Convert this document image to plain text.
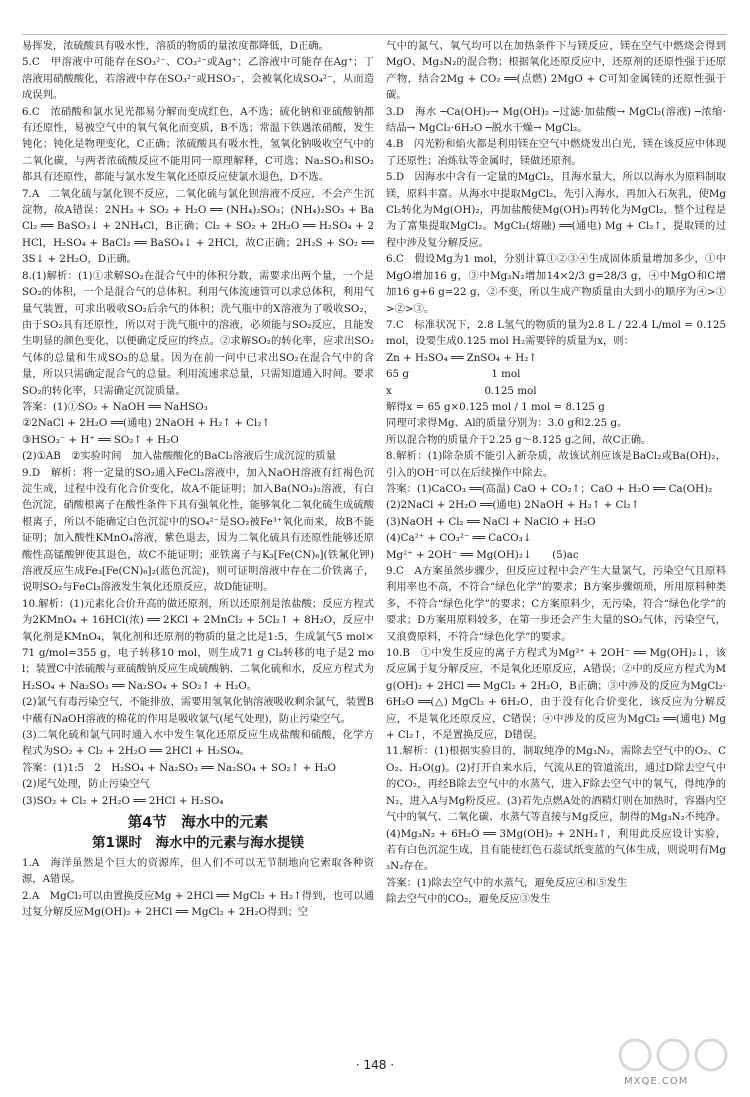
易挥发，浓硫酸具有吸水性，溶质的物质的量浓度都降低，D正确。

5.C　甲溶液中可能存在SO₃²⁻、CO₃²⁻或Ag⁺；乙溶液中可能存在Ag⁺；丁溶液用硝酸酸化，若溶液中存在SO₃²⁻或HSO₃⁻，会被氧化成SO₄²⁻，从而造成误判。

6.C　浓硝酸和氯水见光都易分解而变成红色，A不选；硫化钠和亚硫酸钠都有还原性，易被空气中的氧气氧化而变质，B不选；常温下铁遇浓硝酸，发生钝化；钝化是物理变化，C正确；浓硫酸具有吸水性，氢氧化钠吸收空气中的二氧化碳，与两者浓硫酸反应不能用同一原理解释，C可选；Na₂SO₃和SO₂都具有还原性，都能与氯水发生氧化还原反应使氯水退色，D不选。

7.A　二氧化硫与氯化钡不反应，二氧化硫与氯化钡溶液不反应，不会产生沉淀物，故A错误：2NH₃ + SO₂ + H₂O ══ (NH₄)₂SO₃；(NH₄)₂SO₃ + BaCl₂ ══ BaSO₃↓ + 2NH₄Cl，B正确；Cl₂ + SO₂ + 2H₂O ══ H₂SO₄ + 2HCl，H₂SO₄ + BaCl₂ ══ BaSO₄↓ + 2HCl，故C正确；2H₂S + SO₂ ══ 3S↓ + 2H₂O，D正确。

8.(1)解析：(1)①求解SO₂在混合气中的体积分数，需要求出两个量，一个是SO₂的体积，一个是混合气的总体积。利用气体流速管可以求总体积，利用气量气装置，可求出吸收SO₂后余气的体积；洗气瓶中的X溶液为了吸收SO₂，由于SO₂具有还原性，所以对于洗气瓶中的溶液，必须能与SO₂反应，且能发生明显的颜色变化，以便确定反应的终点。②求解SO₂的转化率，应求出SO₂气体的总量和生成SO₃的总量。因为在前一问中已求出SO₂在混合气中的含量，所以只需确定混合气的总量。利用流速求总量，只需知道通入时间。要求SO₂的转化率，只需确定沉淀质量。

答案：(1)①SO₂ + NaOH ══ NaHSO₃

②2NaCl + 2H₂O ══(通电) 2NaOH + H₂↑ + Cl₂↑

③HSO₃⁻ + H⁺ ══ SO₂↑ + H₂O

(2)①AB　②实验时间　加入盐酸酸化的BaCl₂溶液后生成沉淀的质量

9.D　解析：将一定量的SO₂通入FeCl₃溶液中，加入NaOH溶液有红褐色沉淀生成，过程中没有化合价变化，故A不能证明；加入Ba(NO₃)₂溶液，有白色沉淀，硝酸根离子在酸性条件下具有强氧化性，能够氧化二氧化硫生成硫酸根离子，所以不能确定白色沉淀中的SO₄²⁻是SO₂被Fe³⁺氧化而来，故B不能证明；加入酸性KMnO₄溶液，紫色退去，因为二氧化硫具有还原性能够还原酸性高锰酸钾使其退色，故C不能证明；亚铁离子与K₃[Fe(CN)₆](铁氰化钾)溶液反应生成Fe₃[Fe(CN)₆]₂(蓝色沉淀)，则可证明溶液中存在二价铁离子，说明SO₂与FeCl₃溶液发生氧化还原反应，故D能证明。

10.解析：(1)元素化合价升高的做还原剂，所以还原剂是浓盐酸；反应方程式为2KMnO₄ + 16HCl(浓) ══ 2KCl + 2MnCl₂ + 5Cl₂↑ + 8H₂O，反应中氧化剂是KMnO₄，氧化剂和还原剂的物质的量之比是1:5，生成氯气5 mol×71 g/mol=355 g，电子转移10 mol，则生成71 g Cl₂转移的电子是2 mol；装置C中浓硫酸与亚硫酸钠反应生成硫酸钠、二氧化硫和水，反应方程式为H₂SO₄ + Na₂SO₃ ══ Na₂SO₄ + SO₂↑ + H₂O。

(2)氯气有毒污染空气，不能排放，需要用氢氧化钠溶液吸收剩余氯气，装置B中蘸有NaOH溶液的棉花的作用是吸收氯气(尾气处理)，防止污染空气。

(3)二氧化硫和氯气同时通入水中发生氧化还原反应生成盐酸和硫酸，化学方程式为SO₂ + Cl₂ + 2H₂O ══ 2HCl + H₂SO₄。

答案：(1)1:5　2　H₂SO₄ + Na₂SO₃ ══ Na₂SO₄ + SO₂↑ + H₂O

(2)尾气处理，防止污染空气

(3)SO₂ + Cl₂ + 2H₂O ══ 2HCl + H₂SO₄

第4节　海水中的元素
第1课时　海水中的元素与海水提镁

1.A　海洋虽然是个巨大的资源库，但人们不可以无节制地向它索取各种资源，A错误。

2.A　MgCl₂可以由置换反应Mg + 2HCl ══ MgCl₂ + H₂↑得到，也可以通过复分解反应Mg(OH)₂ + 2HCl ══ MgCl₂ + 2H₂O得到；空

气中的氮气、氧气均可以在加热条件下与镁反应，镁在空气中燃烧会得到MgO、Mg₃N₂的混合物；根据氧化还原反应中，还原剂的还原性强于还原产物，结合2Mg + CO₂ ══(点燃) 2MgO + C可知金属镁的还原性强于碳。

3.D　海水 ─Ca(OH)₂→ Mg(OH)₂ ─过滤·加盐酸→ MgCl₂(溶液) ─浓缩·结晶→ MgCl₂·6H₂O ─脱水干燥→ MgCl₂。

4.B　闪光粉和焰火都是利用镁在空气中燃烧发出白光，镁在该反应中体现了还原性；冶炼钛等金属时，镁做还原剂。

5.D　因海水中含有一定量的MgCl₂，且海水量大，所以以海水为原料制取镁，原料丰富。从海水中提取MgCl₂，先引入海水，再加入石灰乳，使MgCl₂转化为Mg(OH)₂，再加盐酸使Mg(OH)₂再转化为MgCl₂，整个过程是为了富集提取MgCl₂。MgCl₂(熔融) ══(通电) Mg + Cl₂↑，提取镁的过程中涉及复分解反应。

6.C　假设Mg为1 mol，分别计算①②③④生成固体质量增加多少，①中MgO增加16 g，③中Mg₃N₂增加14×2/3 g=28/3 g，④中MgO和C增加16 g+6 g=22 g，②不变，所以生成产物质量由大到小的顺序为④>①>②>③。

7.C　标准状况下，2.8 L氢气的物质的量为2.8 L / 22.4 L/mol = 0.125 mol，设要生成0.125 mol H₂需要锌的质量为x，则：

Zn + H₂SO₄ ══ ZnSO₄ + H₂↑

65 g　　　　　　　　1 mol

x　　　　　　　　　0.125 mol

解得x = 65 g×0.125 mol / 1 mol = 8.125 g

同理可求得Mg、Al的质量分别为：3.0 g和2.25 g。

所以混合物的质量介于2.25 g～8.125 g之间，故C正确。

8.解析：(1)除杂质不能引入新杂质，故该试剂应该是BaCl₂或Ba(OH)₂，引入的OH⁻可以在后续操作中除去。

答案：(1)CaCO₃ ══(高温) CaO + CO₂↑；CaO + H₂O ══ Ca(OH)₂

(2)2NaCl + 2H₂O ══(通电) 2NaOH + H₂↑ + Cl₂↑

(3)NaOH + Cl₂ ══ NaCl + NaClO + H₂O

(4)Ca²⁺ + CO₃²⁻ ══ CaCO₃↓

Mg²⁺ + 2OH⁻ ══ Mg(OH)₂↓　　(5)ac

9.C　A方案虽然步骤少，但反应过程中会产生大量氯气，污染空气且原料利用率也不高，不符合“绿色化学”的要求；B方案步骤烦琐，所用原料种类多，不符合“绿色化学”的要求；C方案原料少，无污染，符合“绿色化学”的要求；D方案用原料较多，在第一步还会产生大量的SO₂气体，污染空气，又浪费原料，不符合“绿色化学”的要求。

10.B　①中发生反应的离子方程式为Mg²⁺ + 2OH⁻ ══ Mg(OH)₂↓，该反应属于复分解反应，不是氧化还原反应，A错误；②中的反应方程式为Mg(OH)₂ + 2HCl ══ MgCl₂ + 2H₂O，B正确；③中涉及的反应为MgCl₂·6H₂O ══(△) MgCl₂ + 6H₂O，由于没有化合价变化，该反应为分解反应，不是氧化还原反应，C错误；④中涉及的反应为MgCl₂ ══(通电) Mg + Cl₂↑，不是置换反应，D错误。

11.解析：(1)根据实验目的，制取纯净的Mg₃N₂，需除去空气中的O₂、CO₂、H₂O(g)。(2)打开自来水后，气流从E的管道流出，通过D除去空气中的CO₂，再经B除去空气中的水蒸气，进入F除去空气中的氧气，得纯净的N₂，进入A与Mg粉反应。(3)若先点燃A处的酒精灯则在加热时，容器内空气中的氧气、二氧化碳、水蒸气等直接与Mg反应，制得的Mg₃N₂不纯净。(4)Mg₃N₂ + 6H₂O ══ 3Mg(OH)₂ + 2NH₃↑，利用此反应设计实验，若有白色沉淀生成，且有能使红色石蕊试纸变蓝的气体生成，则说明有Mg₃N₂存在。

答案：(1)除去空气中的水蒸气，避免反应④和⑤发生

除去空气中的CO₂，避免反应③发生

· 148 ·
MXQE.COM
